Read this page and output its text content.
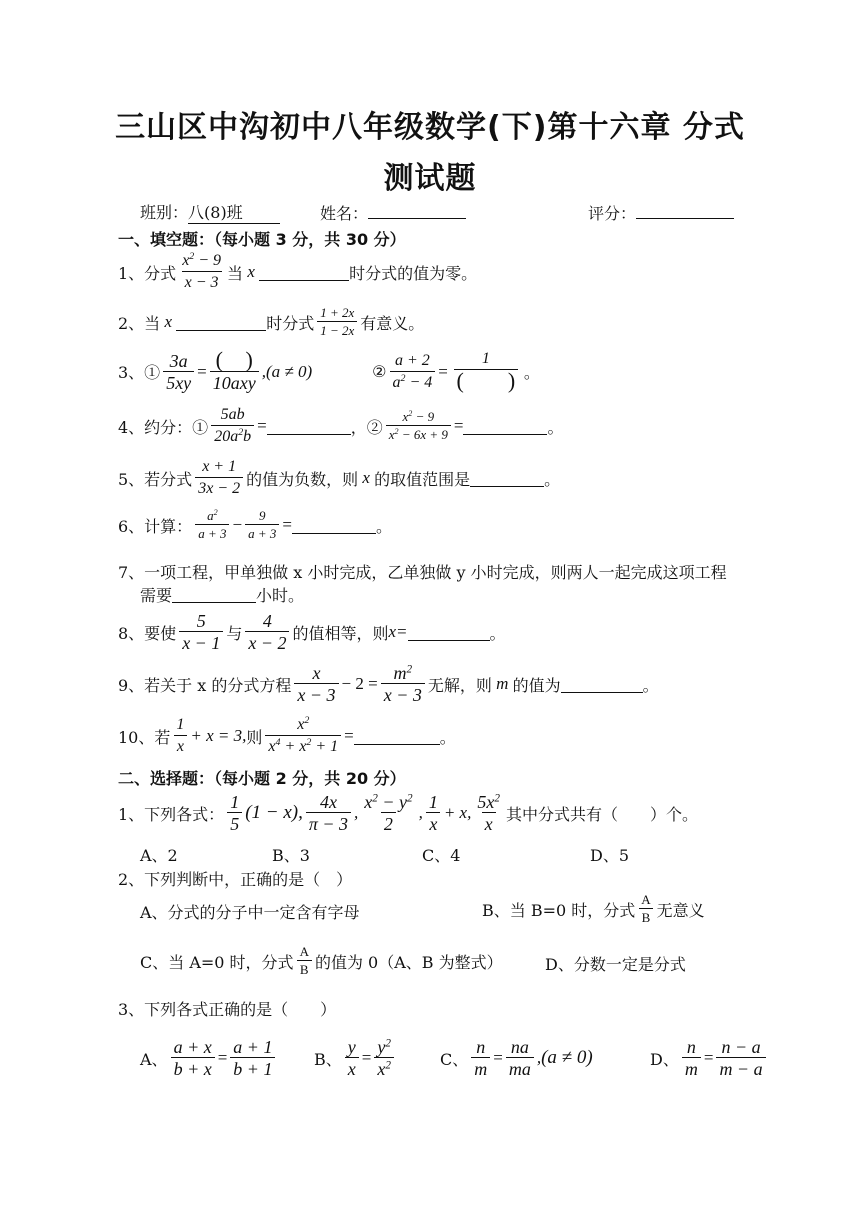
三山区中沟初中八年级数学(下)第十六章 分式
测试题
班别：八(8)班	姓名：	评分：
一、填空题：（每小题 3 分，共 30 分）
1、分式 $\frac{x^2 - 9}{x - 3}$ 当 x	时分式的值为零。
2、当 x	时分式 $\frac{1 + 2x}{1 - 2x}$ 有意义。
3、① $\frac{3a}{5xy} = \frac{( )}{\text{10axy}}$ , (a ≠ 0)	② $\frac{a + 2}{a^2 - 4} = \frac{1}{( )}$ 。
4、约分：① $\frac{5ab}{20a^2b}$ =	，② $\frac{x^2 - 9}{x^2 - 6x + 9}$ =	。
5、若分式 $\frac{x + 1}{3x - 2}$ 的值为负数，则 x 的取值范围是	。
6、计算： $\frac{a^2}{a + 3} - \frac{9}{a + 3}$ =	。
7、一项工程，甲单独做 x 小时完成，乙单独做 y 小时完成，则两人一起完成这项工程
需要	小时。
8、要使 $\frac{5}{x - 1}$ 与 $\frac{4}{x - 2}$ 的值相等，则 x=	。
9、若关于 x 的分式方程 $\frac{x}{x - 3} - 2 = \frac{m^2}{x - 3}$ 无解，则 m 的值为	。
10、若 $\frac{1}{x} + x = 3$, 则 $\frac{x^2}{x^4 + x^2 + 1}$ =	。
二、选择题：（每小题 2 分，共 20 分）
1、下列各式： $\frac{1}{5} (1 - x)$, $\frac{4x}{\pi - 3}$ , $\frac{x^2 - y^2}{2}$ , $\frac{1}{x} + x$, $\frac{5x^2}{x}$ 其中分式共有（　　）个。
A、2	B、3	C、4	D、5
2、下列判断中，正确的是（　）
A、分式的分子中一定含有字母	B、当 B=0 时，分式 $\frac{A}{B}$ 无意义
C、当 A=0 时，分式 $\frac{A}{B}$ 的值为 0（A、B 为整式）	D、分数一定是分式
3、下列各式正确的是（　　）
A、 $\frac{a + x}{b + x} = \frac{a + 1}{b + 1}$ B、 $\frac{y}{x} = \frac{y^2}{x^2}$	C、 $\frac{n}{m} = \frac{na}{ma}$ , (a ≠ 0)	D、 $\frac{n}{m} = \frac{n - a}{m - a}$
